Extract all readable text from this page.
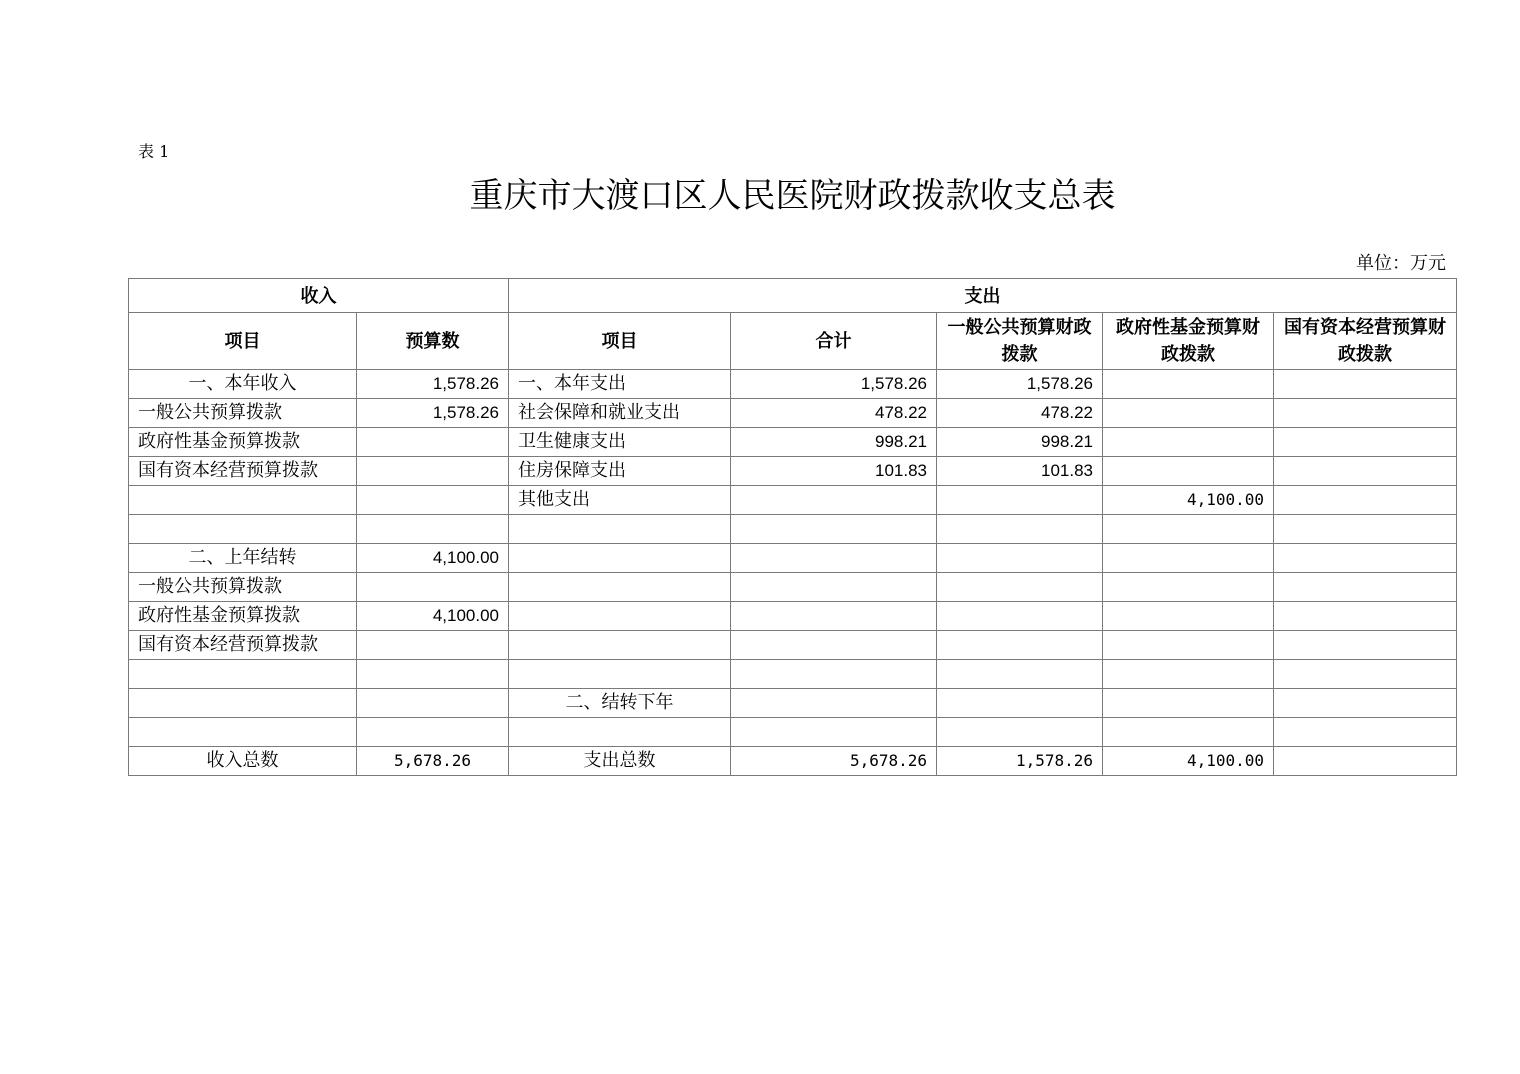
表 1
重庆市大渡口区人民医院财政拨款收支总表
单位：万元
收入		支出				
项目	预算数	项目	合计	一般公共预算财政拨款	政府性基金预算财政拨款	国有资本经营预算财政拨款
一、本年收入	1,578.26	一、本年支出	1,578.26	1,578.26		
一般公共预算拨款	1,578.26	社会保障和就业支出	478.22	478.22		
政府性基金预算拨款		卫生健康支出	998.21	998.21		
国有资本经营预算拨款		住房保障支出	101.83	101.83		
		其他支出			4,100.00	

二、上年结转	4,100.00					
一般公共预算拨款						
政府性基金预算拨款	4,100.00					
国有资本经营预算拨款						

		二、结转下年				

收入总数	5,678.26	支出总数	5,678.26	1,578.26	4,100.00	
